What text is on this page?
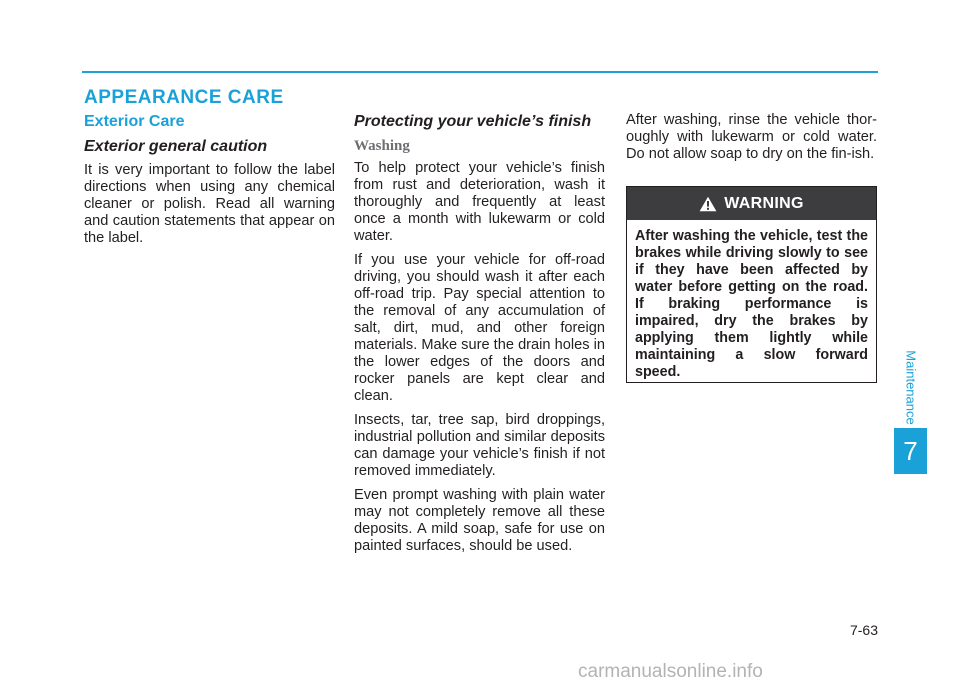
APPEARANCE CARE
Exterior Care
Exterior general caution

It is very important to follow the label directions when using any chemical cleaner or polish. Read all warning and caution statements that appear on the label.

Protecting your vehicle’s finish
Washing

To help protect your vehicle’s finish from rust and deterioration, wash it thoroughly and frequently at least once a month with lukewarm or cold water.

If you use your vehicle for off-road driving, you should wash it after each off-road trip. Pay special attention to the removal of any accumulation of salt, dirt, mud, and other foreign materials. Make sure the drain holes in the lower edges of the doors and rocker panels are kept clear and clean.

Insects, tar, tree sap, bird droppings, industrial pollution and similar deposits can damage your vehicle’s finish if not removed immediately.

Even prompt washing with plain water may not completely remove all these deposits. A mild soap, safe for use on painted surfaces, should be used.

After washing, rinse the vehicle thor-oughly with lukewarm or cold water. Do not allow soap to dry on the fin-ish.

WARNING

After washing the vehicle, test the brakes while driving slowly to see if they have been affected by water before getting on the road. If braking performance is impaired, dry the brakes by applying them lightly while maintaining a slow forward speed.	Maintenance
7
7-63
carmanualsonline.info
